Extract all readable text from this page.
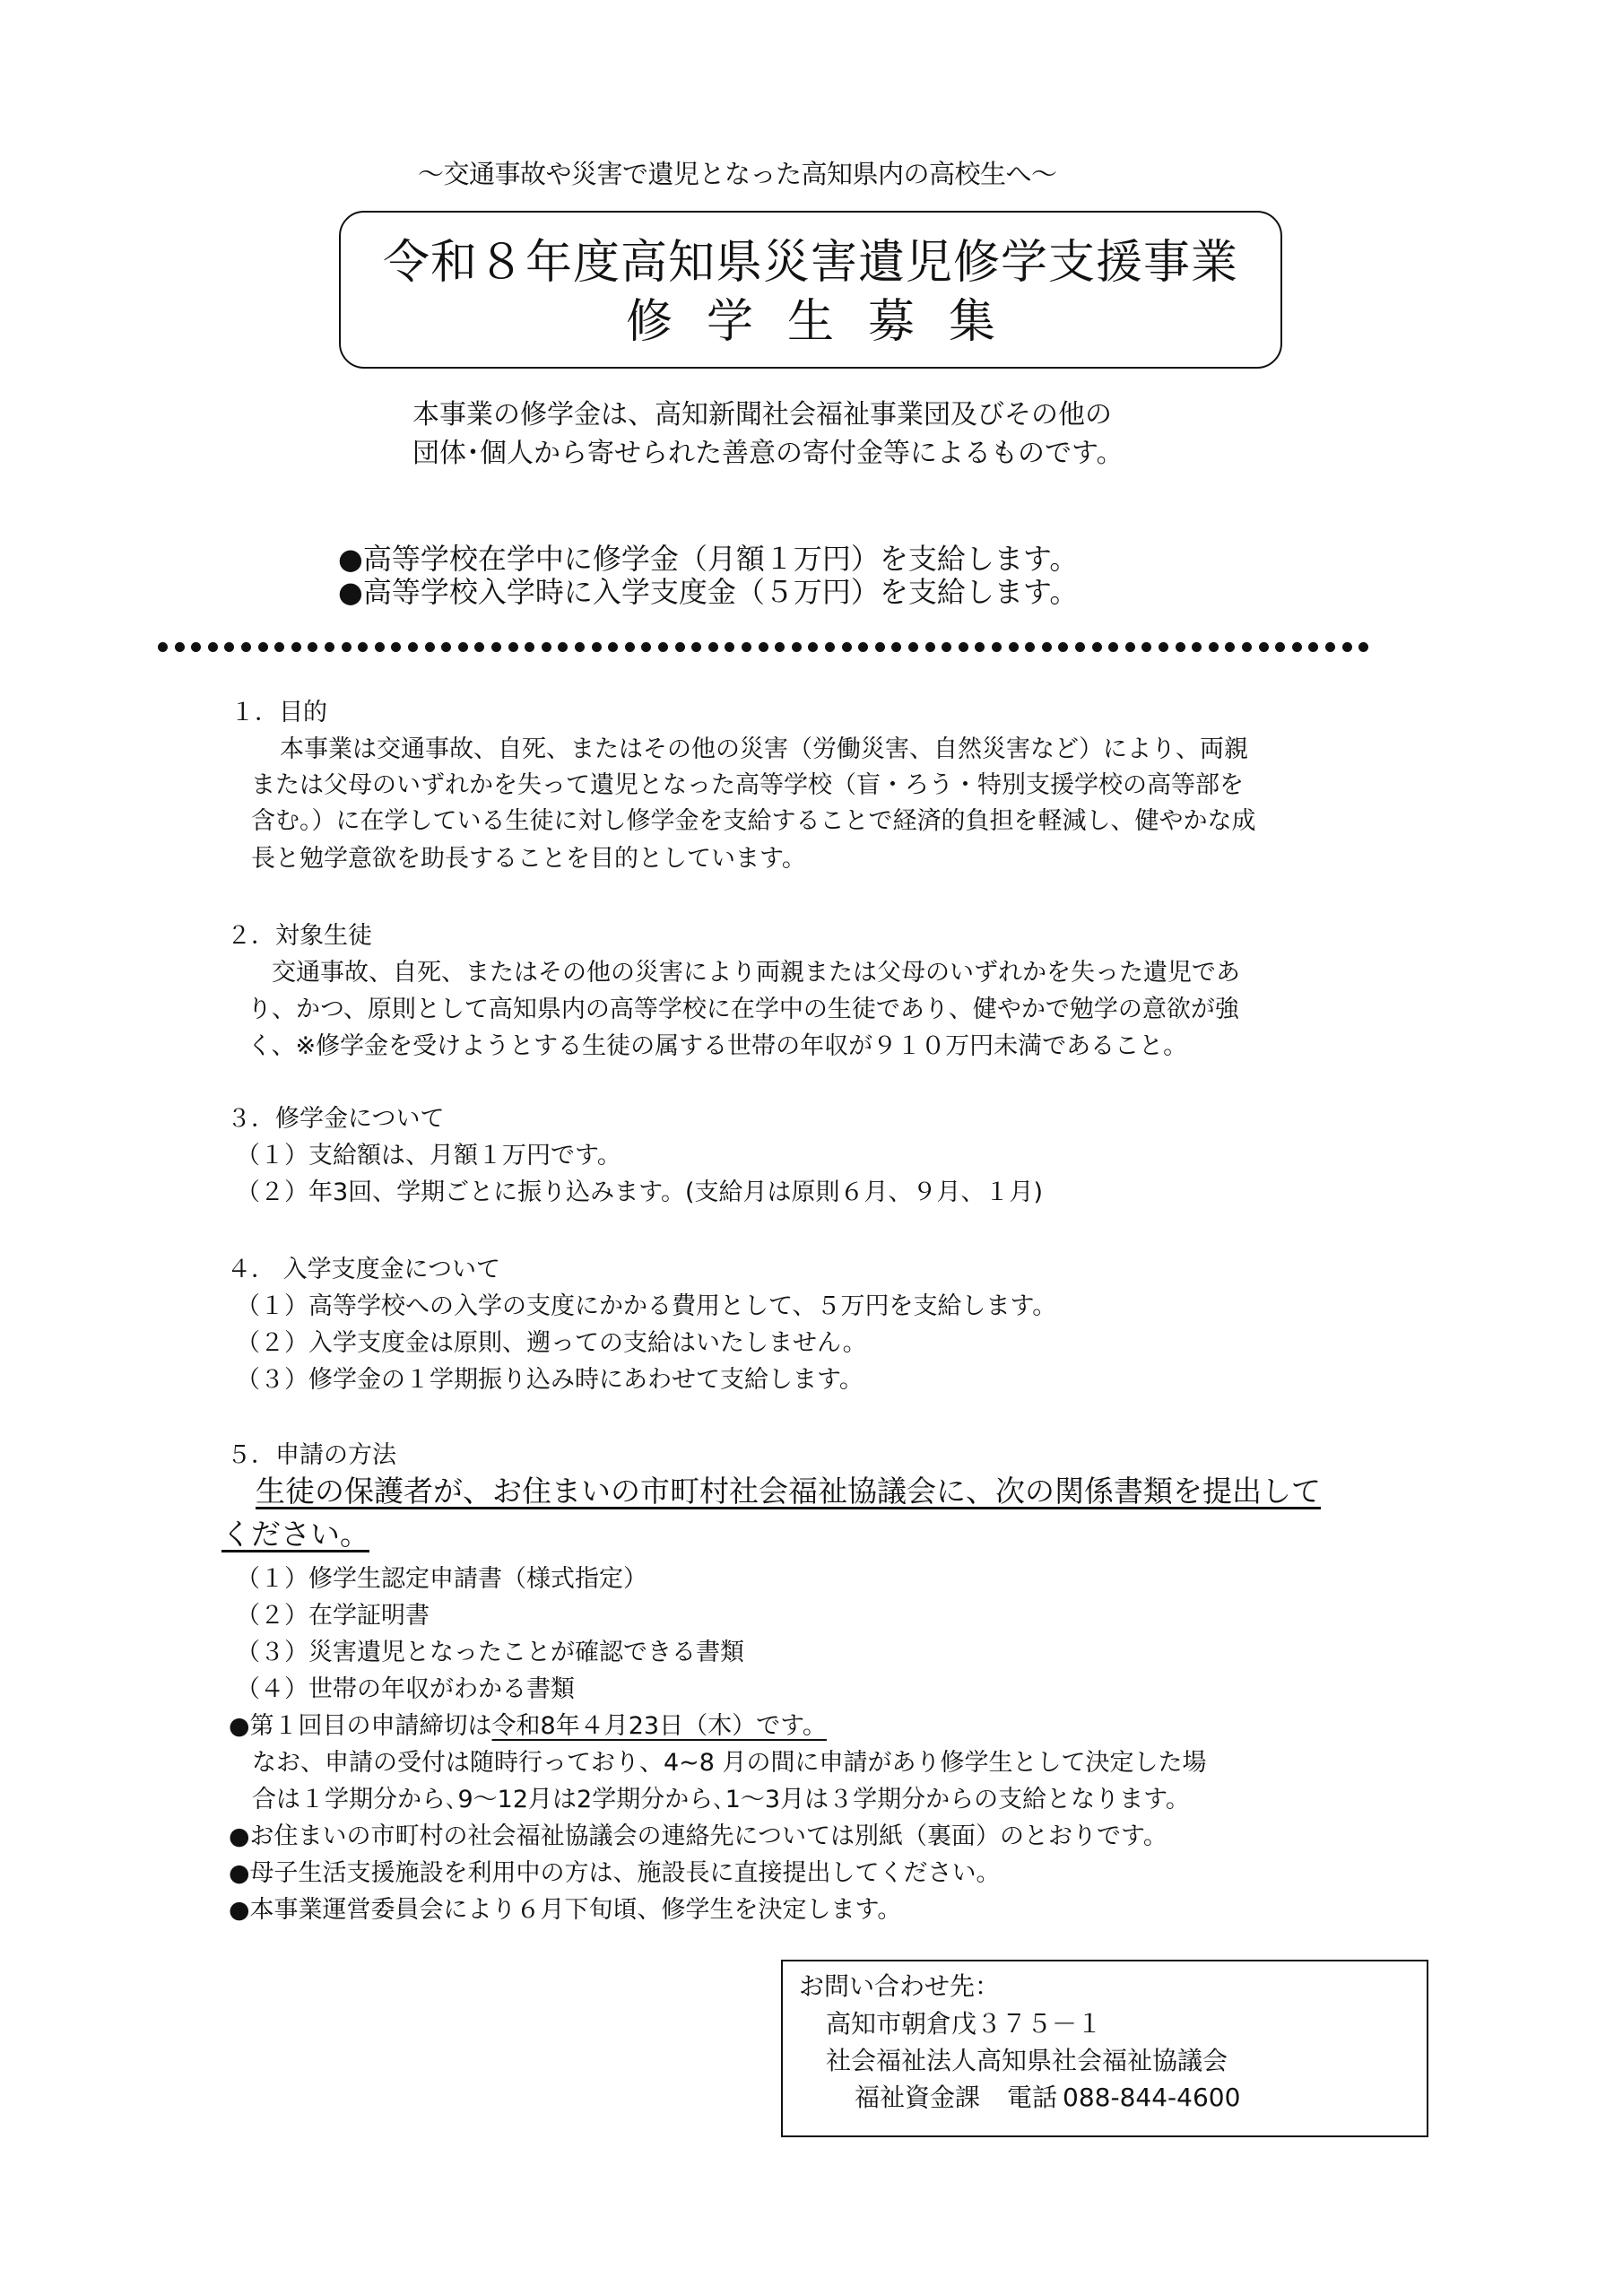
～交通事故や災害で遺児となった高知県内の高校生へ～
令和８年度高知県災害遺児修学支援事業
修学生募集
本事業の修学金は、高知新聞社会福祉事業団及びその他の
団体･個人から寄せられた善意の寄付金等によるものです。
●高等学校在学中に修学金（月額１万円）を支給します。
●高等学校入学時に入学支度金（５万円）を支給します。
１．目的
本事業は交通事故、自死、またはその他の災害（労働災害、自然災害など）により、両親
または父母のいずれかを失って遺児となった高等学校（盲・ろう・特別支援学校の高等部を
含む。）に在学している生徒に対し修学金を支給することで経済的負担を軽減し、健やかな成
長と勉学意欲を助長することを目的としています。
２．対象生徒
交通事故、自死、またはその他の災害により両親または父母のいずれかを失った遺児であ
り、かつ、原則として高知県内の高等学校に在学中の生徒であり、健やかで勉学の意欲が強
く、※修学金を受けようとする生徒の属する世帯の年収が９１０万円未満であること。
３．修学金について
（１）支給額は、月額１万円です。
（２）年3回、学期ごとに振り込みます。(支給月は原則６月、９月、１月)
４． 入学支度金について
（１）高等学校への入学の支度にかかる費用として、５万円を支給します。
（２）入学支度金は原則、遡っての支給はいたしません。
（３）修学金の１学期振り込み時にあわせて支給します。
５．申請の方法
生徒の保護者が、お住まいの市町村社会福祉協議会に、次の関係書類を提出して
ください。
（１）修学生認定申請書（様式指定）
（２）在学証明書
（３）災害遺児となったことが確認できる書類
（４）世帯の年収がわかる書類
●第１回目の申請締切は令和8年４月23日（木）です。
なお、申請の受付は随時行っており、4~8 月の間に申請があり修学生として決定した場
合は１学期分から､9～12月は2学期分から､1～3月は３学期分からの支給となります。
●お住まいの市町村の社会福祉協議会の連絡先については別紙（裏面）のとおりです。
●母子生活支援施設を利用中の方は、施設長に直接提出してください。
●本事業運営委員会により６月下旬頃、修学生を決定します。
お問い合わせ先：
高知市朝倉戊３７５－１
社会福祉法人高知県社会福祉協議会
福祉資金課 電話 088-844-4600
